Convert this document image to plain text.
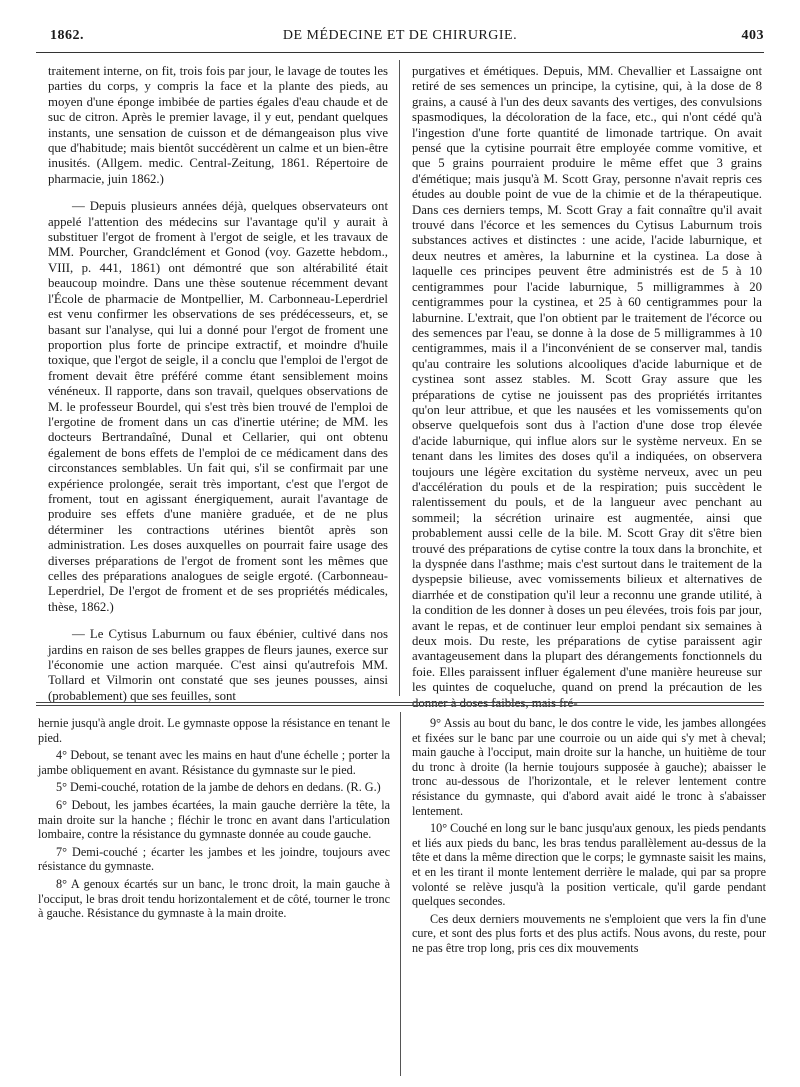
1862.	DE MÉDECINE ET DE CHIRURGIE.	403

traitement interne, on fit, trois fois par jour, le lavage de toutes les parties du corps, y compris la face et la plante des pieds, au moyen d'une éponge imbibée de parties égales d'eau chaude et de suc de citron. Après le premier lavage, il y eut, pendant quelques instants, une sensation de cuisson et de démangeaison plus vive que d'habitude; mais bientôt succédèrent un calme et un bien-être inusités. (Allgem. medic. Central-Zeitung, 1861. Répertoire de pharmacie, juin 1862.)

— Depuis plusieurs années déjà, quelques observateurs ont appelé l'attention des médecins sur l'avantage qu'il y aurait à substituer l'ergot de froment à l'ergot de seigle, et les travaux de MM. Pourcher, Grandclément et Gonod (voy. Gazette hebdom., VIII, p. 441, 1861) ont démontré que son altérabilité était beaucoup moindre. Dans une thèse soutenue récemment devant l'École de pharmacie de Montpellier, M. Carbonneau-Leperdriel est venu confirmer les observations de ses prédécesseurs, et, se basant sur l'analyse, qui lui a donné pour l'ergot de froment une proportion plus forte de principe extractif, et moindre d'huile toxique, que l'ergot de seigle, il a conclu que l'emploi de l'ergot de froment devait être préféré comme étant sensiblement moins vénéneux. Il rapporte, dans son travail, quelques observations de M. le professeur Bourdel, qui s'est très bien trouvé de l'emploi de l'ergotine de froment dans un cas d'inertie utérine; de MM. les docteurs Bertrandaîné, Dunal et Cellarier, qui ont obtenu également de bons effets de l'emploi de ce médicament dans des circonstances semblables. Un fait qui, s'il se confirmait par une expérience prolongée, serait très important, c'est que l'ergot de froment, tout en agissant énergiquement, aurait l'avantage de produire ses effets d'une manière graduée, et de ne plus déterminer les contractions utérines bientôt après son administration. Les doses auxquelles on pourrait faire usage des diverses préparations de l'ergot de froment sont les mêmes que celles des préparations analogues de seigle ergoté. (Carbonneau-Leperdriel, De l'ergot de froment et de ses propriétés médicales, thèse, 1862.)

— Le Cytisus Laburnum ou faux ébénier, cultivé dans nos jardins en raison de ses belles grappes de fleurs jaunes, exerce sur l'économie une action marquée. C'est ainsi qu'autrefois MM. Tollard et Vilmorin ont constaté que ses jeunes pousses, ainsi (probablement) que ses feuilles, sont

purgatives et émétiques. Depuis, MM. Chevallier et Lassaigne ont retiré de ses semences un principe, la cytisine, qui, à la dose de 8 grains, a causé à l'un des deux savants des vertiges, des convulsions spasmodiques, la décoloration de la face, etc., qui n'ont cédé qu'à l'ingestion d'une forte quantité de limonade tartrique. On avait pensé que la cytisine pourrait être employée comme vomitive, et que 5 grains pourraient produire le même effet que 3 grains d'émétique; mais jusqu'à M. Scott Gray, personne n'avait repris ces études au double point de vue de la chimie et de la thérapeutique. Dans ces derniers temps, M. Scott Gray a fait connaître qu'il avait trouvé dans l'écorce et les semences du Cytisus Laburnum trois substances actives et distinctes : une acide, l'acide laburnique, et deux neutres et amères, la laburnine et la cystinea. La dose à laquelle ces principes peuvent être administrés est de 5 à 10 centigrammes pour l'acide laburnique, 5 milligrammes à 20 centigrammes pour la cystinea, et 25 à 60 centigrammes pour la laburnine. L'extrait, que l'on obtient par le traitement de l'écorce ou des semences par l'eau, se donne à la dose de 5 milligrammes à 10 centigrammes, mais il a l'inconvénient de se conserver mal, tandis qu'au contraire les solutions alcooliques d'acide laburnique et de cystinea sont assez stables. M. Scott Gray assure que les préparations de cytise ne jouissent pas des propriétés irritantes qu'on leur attribue, et que les nausées et les vomissements qu'on observe quelquefois sont dus à l'action d'une dose trop élevée d'acide laburnique, qui influe alors sur le système nerveux. En se tenant dans les limites des doses qu'il a indiquées, on observera toujours une légère excitation du système nerveux, avec un peu d'accélération du pouls et de la respiration; puis succèdent le ralentissement du pouls, et de la langueur avec penchant au sommeil; la sécrétion urinaire est augmentée, ainsi que probablement aussi celle de la bile. M. Scott Gray dit s'être bien trouvé des préparations de cytise contre la toux dans la bronchite, et la dyspnée dans l'asthme; mais c'est surtout dans le traitement de la dyspepsie bilieuse, avec vomissements bilieux et alternatives de diarrhée et de constipation qu'il leur a reconnu une grande utilité, à la condition de les donner à doses un peu élevées, trois fois par jour, avant le repas, et de continuer leur emploi pendant six semaines à deux mois. Du reste, les préparations de cytise paraissent agir avantageusement dans la plupart des dérangements fonctionnels du foie. Elles paraissent influer également d'une manière heureuse sur les quintes de coqueluche, quand on prend la précaution de les donner à doses faibles, mais fré-

hernie jusqu'à angle droit. Le gymnaste oppose la résistance en tenant le pied.

4° Debout, se tenant avec les mains en haut d'une échelle ; porter la jambe obliquement en avant. Résistance du gymnaste sur le pied.

5° Demi-couché, rotation de la jambe de dehors en dedans. (R. G.)

6° Debout, les jambes écartées, la main gauche derrière la tête, la main droite sur la hanche ; fléchir le tronc en avant dans l'articulation lombaire, contre la résistance du gymnaste donnée au coude gauche.

7° Demi-couché ; écarter les jambes et les joindre, toujours avec résistance du gymnaste.

8° A genoux écartés sur un banc, le tronc droit, la main gauche à l'occiput, le bras droit tendu horizontalement et de côté, tourner le tronc à gauche. Résistance du gymnaste à la main droite.

9° Assis au bout du banc, le dos contre le vide, les jambes allongées et fixées sur le banc par une courroie ou un aide qui s'y met à cheval; main gauche à l'occiput, main droite sur la hanche, un huitième de tour du tronc à droite (la hernie toujours supposée à gauche); abaisser le tronc au-dessous de l'horizontale, et le relever lentement contre résistance du gymnaste, qui d'abord avait aidé le tronc à s'abaisser lentement.

10° Couché en long sur le banc jusqu'aux genoux, les pieds pendants et liés aux pieds du banc, les bras tendus parallèlement au-dessus de la tête et dans la même direction que le corps; le gymnaste saisit les mains, et en les tirant il monte lentement derrière le malade, qui par sa propre volonté se relève jusqu'à la position verticale, qu'il garde pendant quelques secondes.

Ces deux derniers mouvements ne s'emploient que vers la fin d'une cure, et sont des plus forts et des plus actifs. Nous avons, du reste, pour ne pas être trop long, pris ces dix mouvements
